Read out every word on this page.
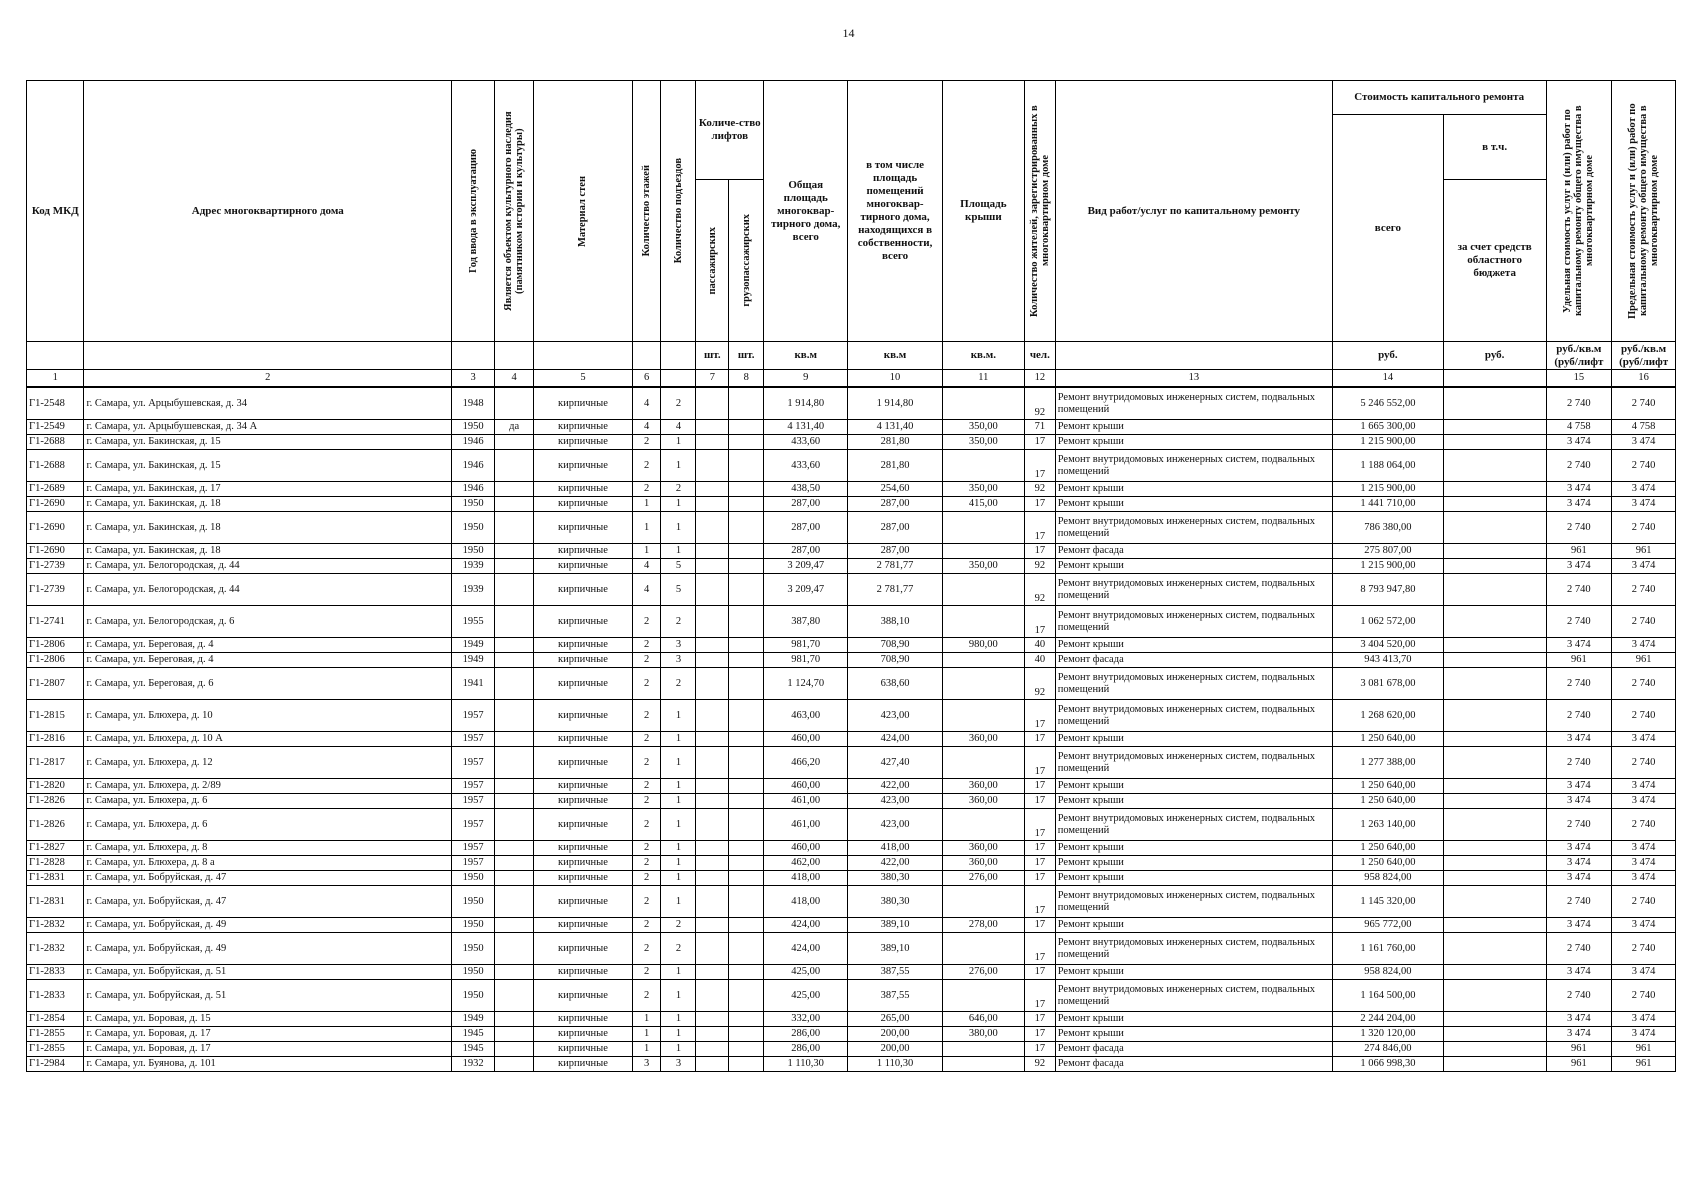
14
Код МКД	Адрес многоквартирного дома	Год ввода в эксплуатацию	Является объектом культурного наследия (памятником истории и культуры)	Материал стен	Количество этажей	Количество подъездов	Количе-ство лифтов		Общая площадь многоквар-тирного дома, всего	в том числе площадь помещений многоквар-тирного дома, находящихся в собственности, всего	Площадь крыши	Количество жителей, зарегистрированных в многоквартирном доме	Вид работ/услуг по капитальному ремонту	Стоимость капитального ремонта		Удельная стоимость услуг и (или) работ по капитальному ремонту общего имущества в многоквартирном доме	Предельная стоимость услуг и (или) работ по капитальному ремонту общего имущества в многоквартирном доме

														всего	в т.ч.		

							пассажирских	грузопассажирских							за счет средств областного бюджета		
							шт.	шт.	кв.м	кв.м	кв.м.	чел.		руб.	руб.	руб./кв.м (руб/лифт	руб./кв.м (руб/лифт
1	2	3	4	5	6		7	8	9	10	11	12	13	14		15	16
Г1-2548	г. Самара, ул. Арцыбушевская, д. 34	1948		кирпичные	4	2			1 914,80	1 914,80		92	Ремонт внутридомовых инженерных систем, подвальных помещений	5 246 552,00		2 740	2 740
Г1-2549	г. Самара, ул. Арцыбушевская, д. 34 А	1950	да	кирпичные	4	4			4 131,40	4 131,40	350,00	71	Ремонт крыши	1 665 300,00		4 758	4 758
Г1-2688	г. Самара, ул. Бакинская, д. 15	1946		кирпичные	2	1			433,60	281,80	350,00	17	Ремонт крыши	1 215 900,00		3 474	3 474
Г1-2688	г. Самара, ул. Бакинская, д. 15	1946		кирпичные	2	1			433,60	281,80		17	Ремонт внутридомовых инженерных систем, подвальных помещений	1 188 064,00		2 740	2 740
Г1-2689	г. Самара, ул. Бакинская, д. 17	1946		кирпичные	2	2			438,50	254,60	350,00	92	Ремонт крыши	1 215 900,00		3 474	3 474
Г1-2690	г. Самара, ул. Бакинская, д. 18	1950		кирпичные	1	1			287,00	287,00	415,00	17	Ремонт крыши	1 441 710,00		3 474	3 474
Г1-2690	г. Самара, ул. Бакинская, д. 18	1950		кирпичные	1	1			287,00	287,00		17	Ремонт внутридомовых инженерных систем, подвальных помещений	786 380,00		2 740	2 740
Г1-2690	г. Самара, ул. Бакинская, д. 18	1950		кирпичные	1	1			287,00	287,00		17	Ремонт фасада	275 807,00		961	961
Г1-2739	г. Самара, ул. Белогородская, д. 44	1939		кирпичные	4	5			3 209,47	2 781,77	350,00	92	Ремонт крыши	1 215 900,00		3 474	3 474
Г1-2739	г. Самара, ул. Белогородская, д. 44	1939		кирпичные	4	5			3 209,47	2 781,77		92	Ремонт внутридомовых инженерных систем, подвальных помещений	8 793 947,80		2 740	2 740
Г1-2741	г. Самара, ул. Белогородская, д. 6	1955		кирпичные	2	2			387,80	388,10		17	Ремонт внутридомовых инженерных систем, подвальных помещений	1 062 572,00		2 740	2 740
Г1-2806	г. Самара, ул. Береговая, д. 4	1949		кирпичные	2	3			981,70	708,90	980,00	40	Ремонт крыши	3 404 520,00		3 474	3 474
Г1-2806	г. Самара, ул. Береговая, д. 4	1949		кирпичные	2	3			981,70	708,90		40	Ремонт фасада	943 413,70		961	961
Г1-2807	г. Самара, ул. Береговая, д. 6	1941		кирпичные	2	2			1 124,70	638,60		92	Ремонт внутридомовых инженерных систем, подвальных помещений	3 081 678,00		2 740	2 740
Г1-2815	г. Самара, ул. Блюхера, д. 10	1957		кирпичные	2	1			463,00	423,00		17	Ремонт внутридомовых инженерных систем, подвальных помещений	1 268 620,00		2 740	2 740
Г1-2816	г. Самара, ул. Блюхера, д. 10 А	1957		кирпичные	2	1			460,00	424,00	360,00	17	Ремонт крыши	1 250 640,00		3 474	3 474
Г1-2817	г. Самара, ул. Блюхера, д. 12	1957		кирпичные	2	1			466,20	427,40		17	Ремонт внутридомовых инженерных систем, подвальных помещений	1 277 388,00		2 740	2 740
Г1-2820	г. Самара, ул. Блюхера, д. 2/89	1957		кирпичные	2	1			460,00	422,00	360,00	17	Ремонт крыши	1 250 640,00		3 474	3 474
Г1-2826	г. Самара, ул. Блюхера, д. 6	1957		кирпичные	2	1			461,00	423,00	360,00	17	Ремонт крыши	1 250 640,00		3 474	3 474
Г1-2826	г. Самара, ул. Блюхера, д. 6	1957		кирпичные	2	1			461,00	423,00		17	Ремонт внутридомовых инженерных систем, подвальных помещений	1 263 140,00		2 740	2 740
Г1-2827	г. Самара, ул. Блюхера, д. 8	1957		кирпичные	2	1			460,00	418,00	360,00	17	Ремонт крыши	1 250 640,00		3 474	3 474
Г1-2828	г. Самара, ул. Блюхера, д. 8 а	1957		кирпичные	2	1			462,00	422,00	360,00	17	Ремонт крыши	1 250 640,00		3 474	3 474
Г1-2831	г. Самара, ул. Бобруйская, д. 47	1950		кирпичные	2	1			418,00	380,30	276,00	17	Ремонт крыши	958 824,00		3 474	3 474
Г1-2831	г. Самара, ул. Бобруйская, д. 47	1950		кирпичные	2	1			418,00	380,30		17	Ремонт внутридомовых инженерных систем, подвальных помещений	1 145 320,00		2 740	2 740
Г1-2832	г. Самара, ул. Бобруйская, д. 49	1950		кирпичные	2	2			424,00	389,10	278,00	17	Ремонт крыши	965 772,00		3 474	3 474
Г1-2832	г. Самара, ул. Бобруйская, д. 49	1950		кирпичные	2	2			424,00	389,10		17	Ремонт внутридомовых инженерных систем, подвальных помещений	1 161 760,00		2 740	2 740
Г1-2833	г. Самара, ул. Бобруйская, д. 51	1950		кирпичные	2	1			425,00	387,55	276,00	17	Ремонт крыши	958 824,00		3 474	3 474
Г1-2833	г. Самара, ул. Бобруйская, д. 51	1950		кирпичные	2	1			425,00	387,55		17	Ремонт внутридомовых инженерных систем, подвальных помещений	1 164 500,00		2 740	2 740
Г1-2854	г. Самара, ул. Боровая, д. 15	1949		кирпичные	1	1			332,00	265,00	646,00	17	Ремонт крыши	2 244 204,00		3 474	3 474
Г1-2855	г. Самара, ул. Боровая, д. 17	1945		кирпичные	1	1			286,00	200,00	380,00	17	Ремонт крыши	1 320 120,00		3 474	3 474
Г1-2855	г. Самара, ул. Боровая, д. 17	1945		кирпичные	1	1			286,00	200,00		17	Ремонт фасада	274 846,00		961	961
Г1-2984	г. Самара, ул. Буянова, д. 101	1932		кирпичные	3	3			1 110,30	1 110,30		92	Ремонт фасада	1 066 998,30		961	961
